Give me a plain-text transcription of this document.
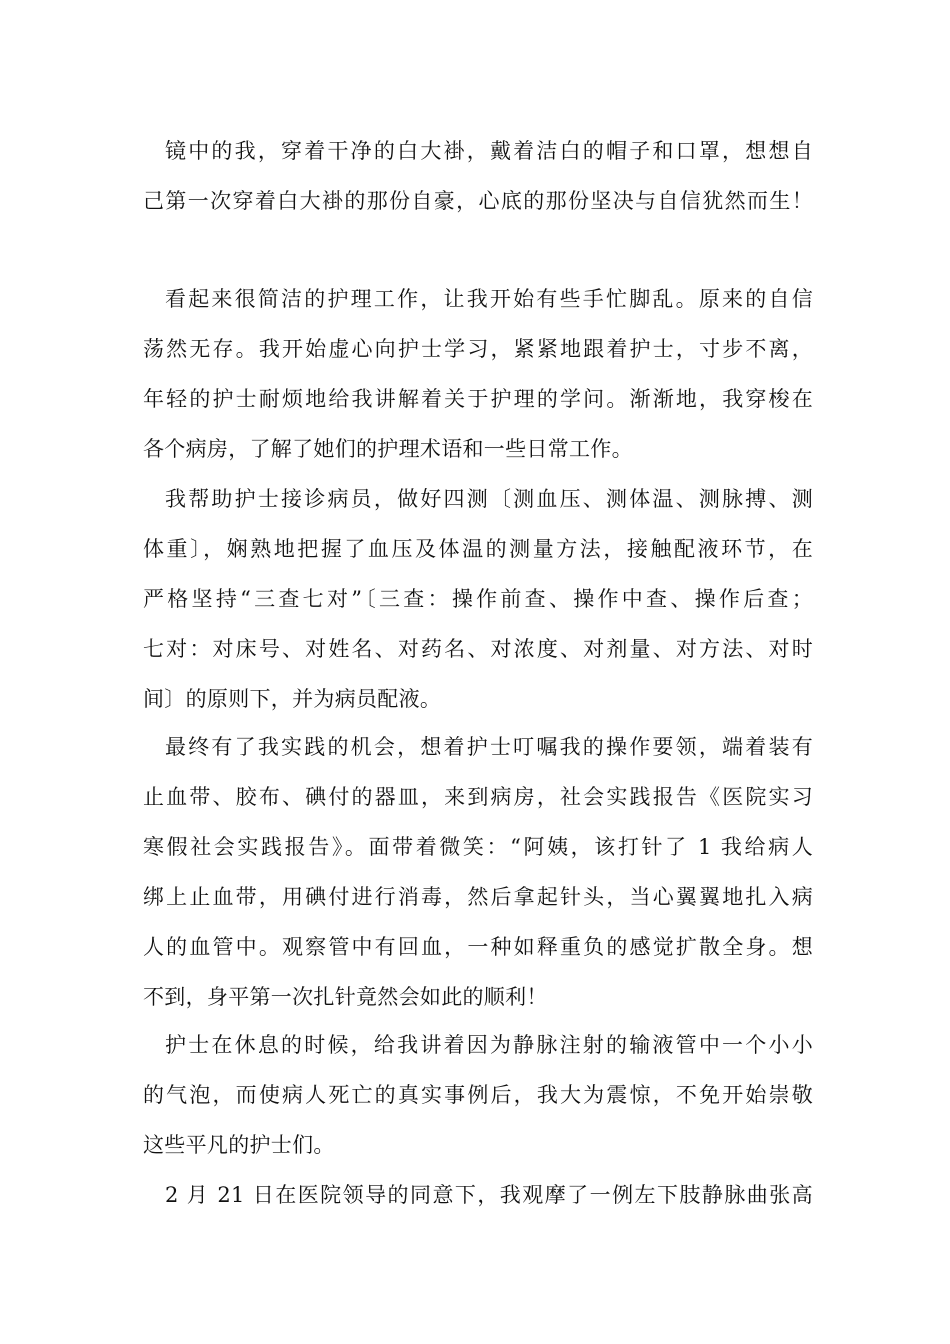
镜中的我，穿着干净的白大褂，戴着洁白的帽子和口罩，想想自
己第一次穿着白大褂的那份自豪，心底的那份坚决与自信犹然而生！
看起来很简洁的护理工作，让我开始有些手忙脚乱。原来的自信
荡然无存。我开始虚心向护士学习，紧紧地跟着护士，寸步不离，
年轻的护士耐烦地给我讲解着关于护理的学问。渐渐地，我穿梭在
各个病房，了解了她们的护理术语和一些日常工作。
我帮助护士接诊病员，做好四测〔测血压、测体温、测脉搏、测
体重〕，娴熟地把握了血压及体温的测量方法，接触配液环节，在
严格坚持“三查七对”〔三查：操作前查、操作中查、操作后查；
七对：对床号、对姓名、对药名、对浓度、对剂量、对方法、对时
间〕的原则下，并为病员配液。
最终有了我实践的机会，想着护士叮嘱我的操作要领，端着装有
止血带、胶布、碘付的器皿，来到病房，社会实践报告《医院实习
寒假社会实践报告》。面带着微笑：“阿姨，该打针了 1 我给病人
绑上止血带，用碘付进行消毒，然后拿起针头，当心翼翼地扎入病
人的血管中。观察管中有回血，一种如释重负的感觉扩散全身。想
不到，身平第一次扎针竟然会如此的顺利！
护士在休息的时候，给我讲着因为静脉注射的输液管中一个小小
的气泡，而使病人死亡的真实事例后，我大为震惊，不免开始崇敬
这些平凡的护士们。
2 月 21 日在医院领导的同意下，我观摩了一例左下肢静脉曲张高
